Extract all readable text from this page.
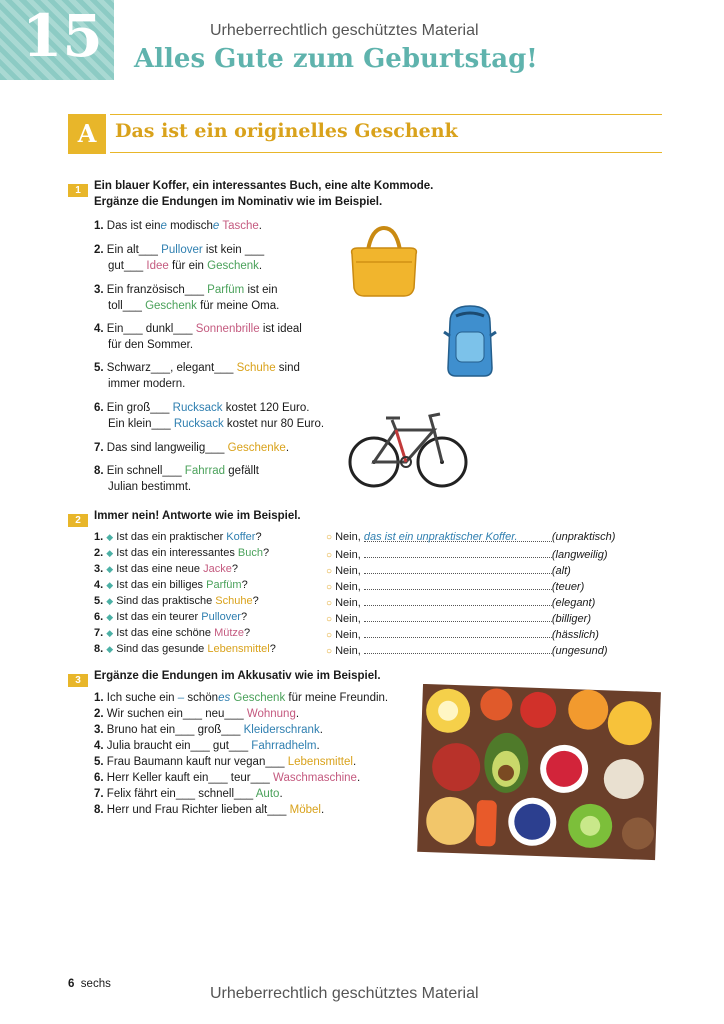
15	Urheberrechtlich geschütztes Material
Alles Gute zum Geburtstag!
A Das ist ein originelles Geschenk
1	Ein blauer Koffer, ein interessantes Buch, eine alte Kommode.
Ergänze die Endungen im Nominativ wie im Beispiel.
1. Das ist eine modische Tasche.
2. Ein alt___ Pullover ist kein ___
gut___ Idee für ein Geschenk.
3. Ein französisch___ Parfüm ist ein
toll___ Geschenk für meine Oma.
4. Ein___ dunkl___ Sonnenbrille ist ideal
für den Sommer.
5. Schwarz___, elegant___ Schuhe sind
immer modern.
6. Ein groß___ Rucksack kostet 120 Euro.
Ein klein___ Rucksack kostet nur 80 Euro.
7. Das sind langweilig___ Geschenke.
8. Ein schnell___ Fahrrad gefällt
Julian bestimmt.
2	Immer nein! Antworte wie im Beispiel.
1. ◆ Ist das ein praktischer Koffer?	○ Nein, das ist ein unpraktischer Koffer.	(unpraktisch)
2. ◆ Ist das ein interessantes Buch?	○ Nein,	(langweilig)
3. ◆ Ist das eine neue Jacke?	○ Nein,	(alt)
4. ◆ Ist das ein billiges Parfüm?	○ Nein,	(teuer)
5. ◆ Sind das praktische Schuhe?	○ Nein,	(elegant)
6. ◆ Ist das ein teurer Pullover?	○ Nein,	(billiger)
7. ◆ Ist das eine schöne Mütze?	○ Nein,	(hässlich)
8. ◆ Sind das gesunde Lebensmittel?	○ Nein,	(ungesund)
3	Ergänze die Endungen im Akkusativ wie im Beispiel.
1. Ich suche ein – schönes Geschenk für meine Freundin.
2. Wir suchen ein___ neu___ Wohnung.
3. Bruno hat ein___ groß___ Kleiderschrank.
4. Julia braucht ein___ gut___ Fahrradhelm.
5. Frau Baumann kauft nur vegan___ Lebensmittel.
6. Herr Keller kauft ein___ teur___ Waschmaschine.
7. Felix fährt ein___ schnell___ Auto.
8. Herr und Frau Richter lieben alt___ Möbel.
6 sechs
Urheberrechtlich geschütztes Material
